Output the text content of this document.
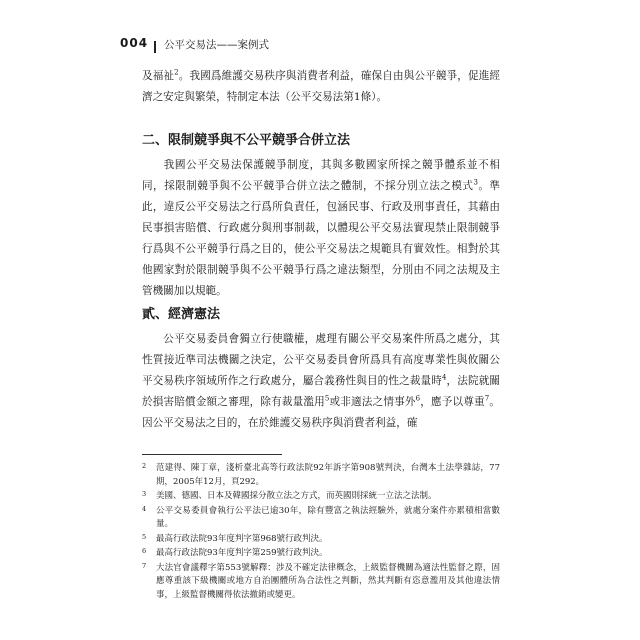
004 公平交易法——案例式
及福祉$^2$。我國爲維護交易秩序與消費者利益，確保自由與公平競爭，促進經濟之安定與繁榮，特制定本法（公平交易法第1條）。
二、限制競爭與不公平競爭合併立法
我國公平交易法保護競爭制度，其與多數國家所採之競爭體系並不相同，採限制競爭與不公平競爭合併立法之體制，不採分別立法之模式$^3$。準此，違反公平交易法之行爲所負責任，包涵民事、行政及刑事責任，其藉由民事損害賠償、行政處分與刑事制裁，以體現公平交易法實現禁止限制競爭行爲與不公平競爭行爲之目的，使公平交易法之規範具有實效性。相對於其他國家對於限制競爭與不公平競爭行爲之違法類型，分別由不同之法規及主管機關加以規範。
貳、經濟憲法
公平交易委員會獨立行使職權，處理有關公平交易案件所爲之處分，其性質接近準司法機關之決定，公平交易委員會所爲具有高度專業性與攸關公平交易秩序領域所作之行政處分，屬合義務性與目的性之裁量時$^4$，法院就關於損害賠償金額之審理，除有裁量濫用$^5$或非適法之情事外$^6$，應予以尊重$^7$。因公平交易法之目的，在於維護交易秩序與消費者利益，確
2 范建得、陳丁章，淺析臺北高等行政法院92年訴字第908號判決，台灣本土法學雜誌，77期，2005年12月，頁292。
3 美國、德國、日本及韓國採分散立法之方式，而英國則採統一立法之法制。
4 公平交易委員會執行公平法已逾30年，除有豐富之執法經驗外，就處分案件亦累積相當數量。
5 最高行政法院93年度判字第968號行政判決。
6 最高行政法院93年度判字第259號行政判決。
7 大法官會議釋字第553號解釋：涉及不確定法律概念，上級監督機關為適法性監督之際，固應尊重該下級機關或地方自治團體所為合法性之判斷，然其判斷有恣意濫用及其他違法情事，上級監督機關得依法撤銷或變更。
